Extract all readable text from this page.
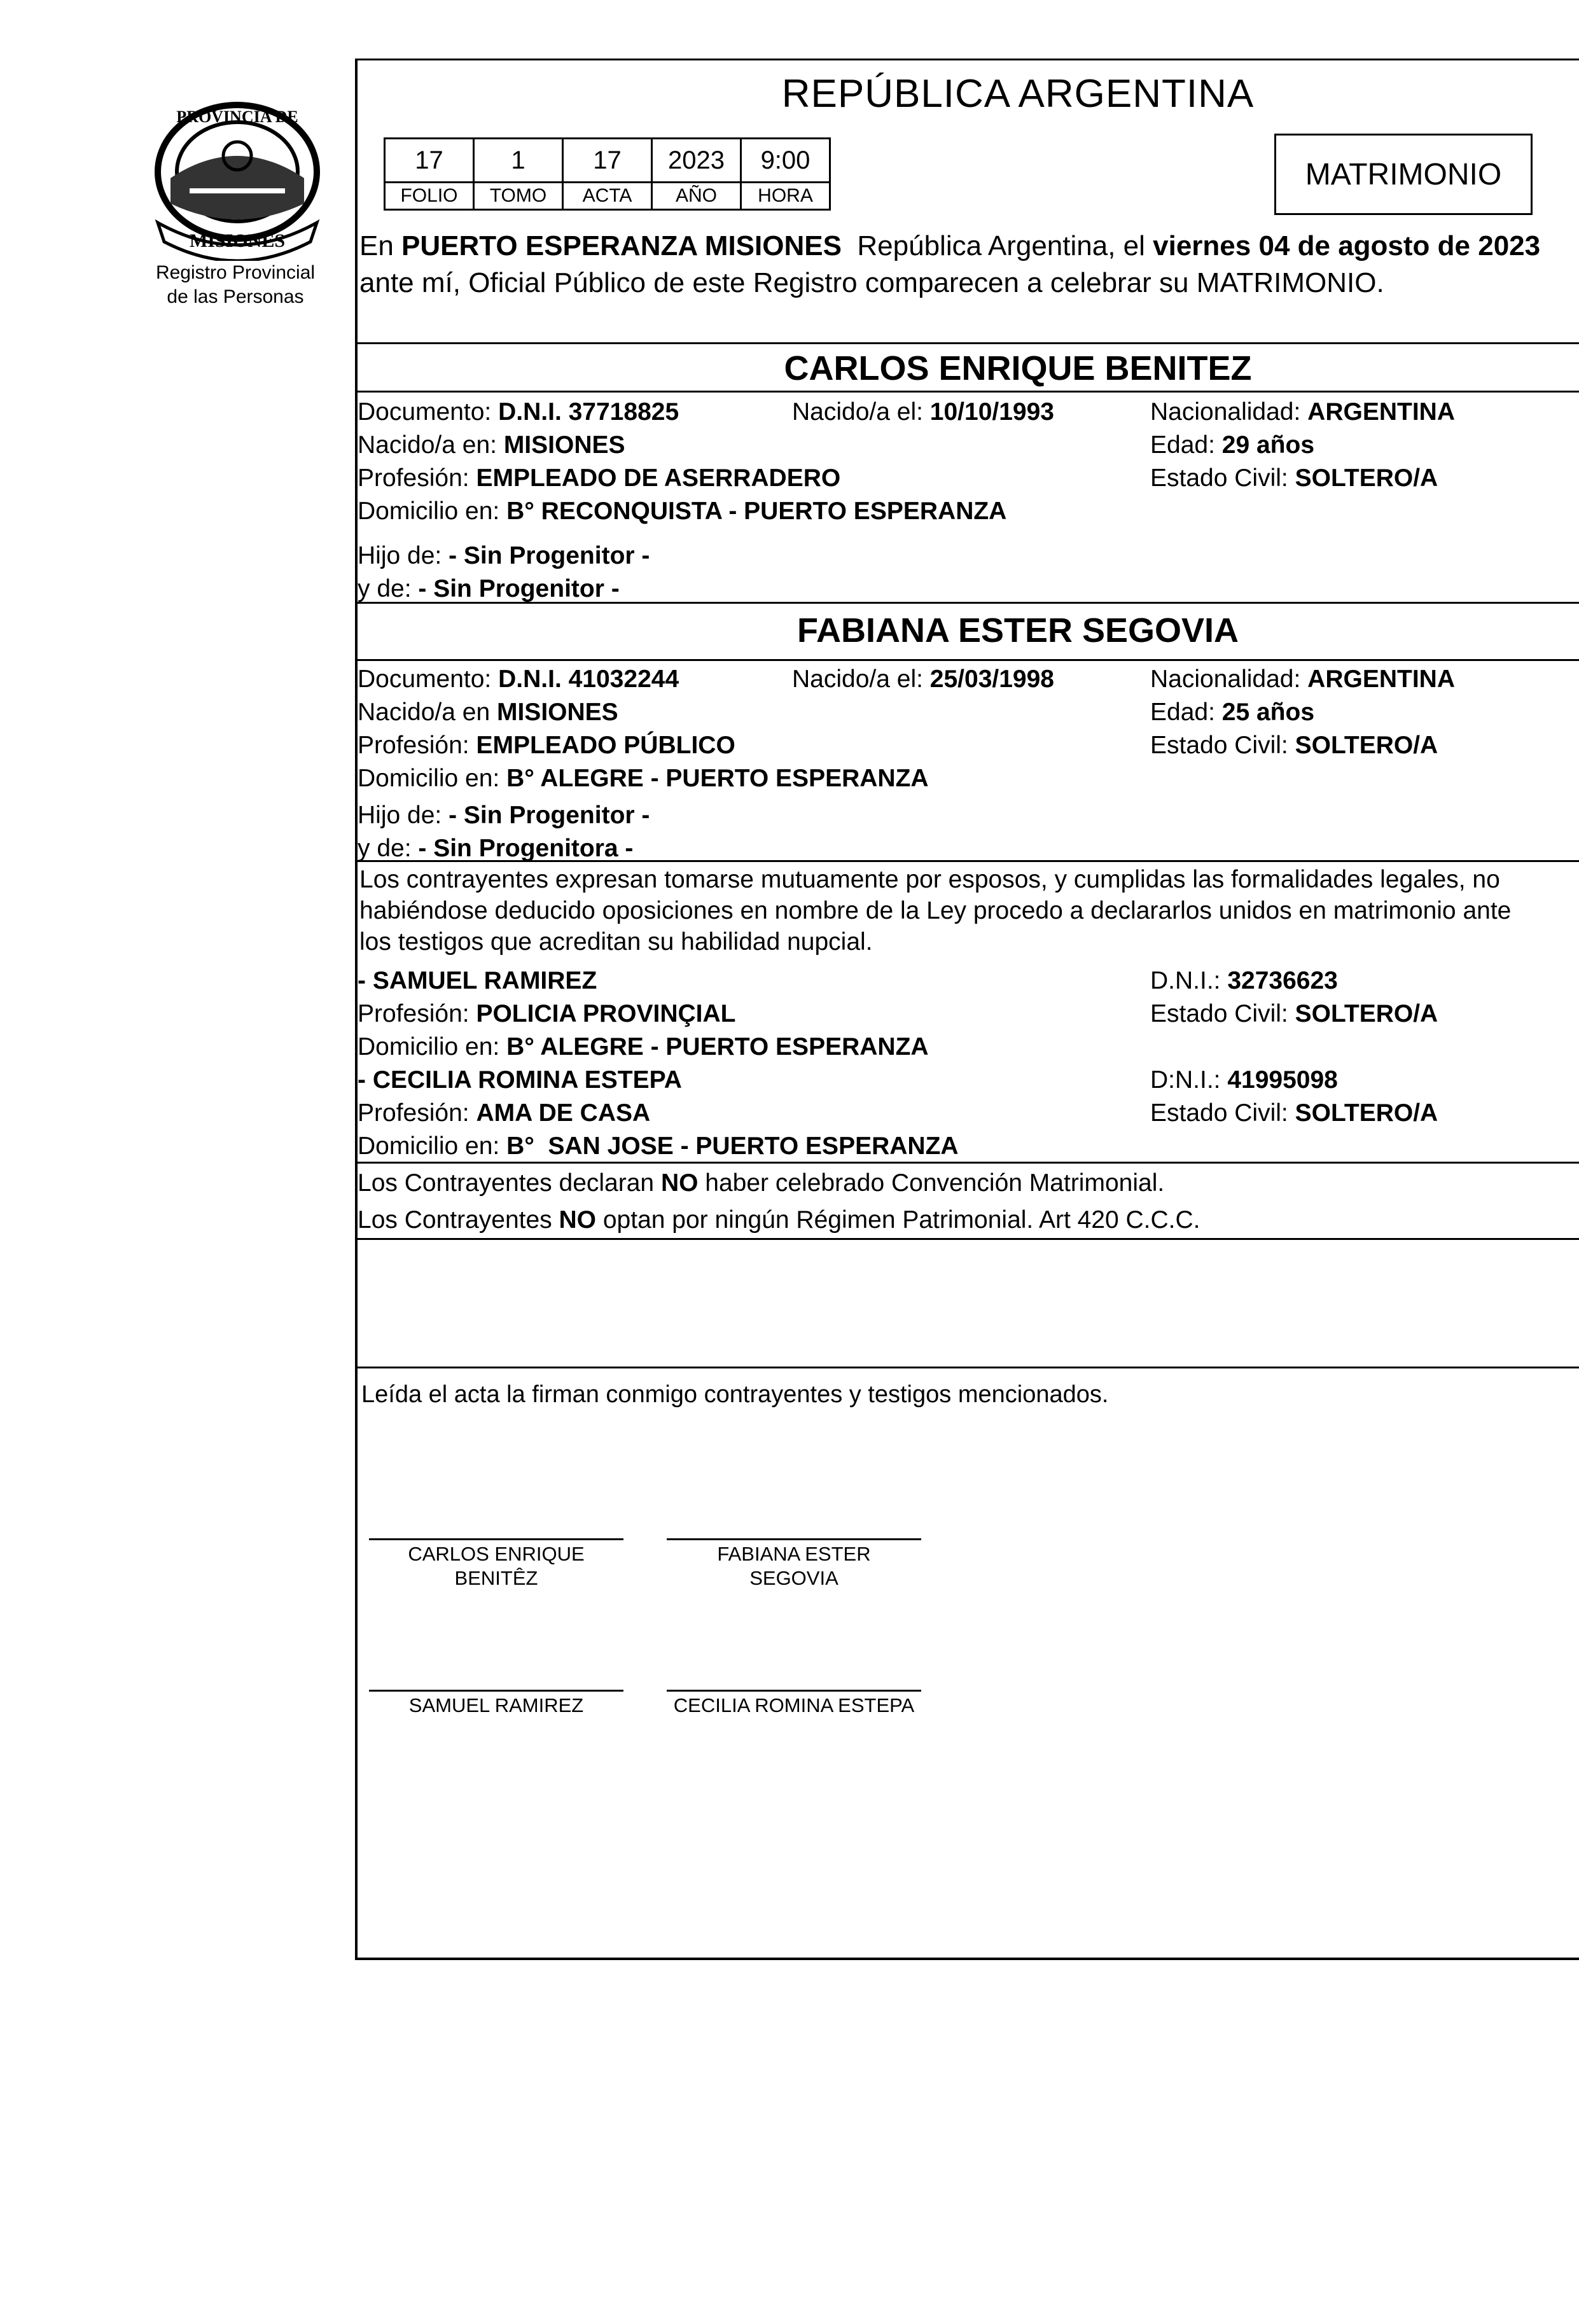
PROVINCIA DE
MISIONES
Registro Provincial
de las Personas
REPÚBLICA ARGENTINA
17	1	17	2023	9:00
FOLIO	TOMO	ACTA	AÑO	HORA
MATRIMONIO
En PUERTO ESPERANZA MISIONES  República Argentina, el viernes 04 de agosto de 2023
ante mí, Oficial Público de este Registro comparecen a celebrar su MATRIMONIO.
CARLOS ENRIQUE BENITEZ
Documento: D.N.I. 37718825	Nacido/a el: 10/10/1993	Nacionalidad: ARGENTINA
Nacido/a en: MISIONES	Edad: 29 años
Profesión: EMPLEADO DE ASERRADERO	Estado Civil: SOLTERO/A
Domicilio en: B° RECONQUISTA - PUERTO ESPERANZA
Hijo de: - Sin Progenitor -
y de: - Sin Progenitor -
FABIANA ESTER SEGOVIA
Documento: D.N.I. 41032244	Nacido/a el: 25/03/1998	Nacionalidad: ARGENTINA
Nacido/a en MISIONES	Edad: 25 años
Profesión: EMPLEADO PÚBLICO	Estado Civil: SOLTERO/A
Domicilio en: B° ALEGRE - PUERTO ESPERANZA
Hijo de: - Sin Progenitor -
y de: - Sin Progenitora -
Los contrayentes expresan tomarse mutuamente por esposos, y cumplidas las formalidades legales, no
habiéndose deducido oposiciones en nombre de la Ley procedo a declararlos unidos en matrimonio ante
los testigos que acreditan su habilidad nupcial.
- SAMUEL RAMIREZ	D.N.I.: 32736623
Profesión: POLICIA PROVINÇIAL	Estado Civil: SOLTERO/A
Domicilio en: B° ALEGRE - PUERTO ESPERANZA
- CECILIA ROMINA ESTEPA	D:N.I.: 41995098
Profesión: AMA DE CASA	Estado Civil: SOLTERO/A
Domicilio en: B°  SAN JOSE - PUERTO ESPERANZA
Los Contrayentes declaran NO haber celebrado Convención Matrimonial.
Los Contrayentes NO optan por ningún Régimen Patrimonial. Art 420 C.C.C.
Leída el acta la firman conmigo contrayentes y testigos mencionados.
CARLOS ENRIQUE
BENITÊZ
FABIANA ESTER
SEGOVIA
SAMUEL RAMIREZ	CECILIA ROMINA ESTEPA
